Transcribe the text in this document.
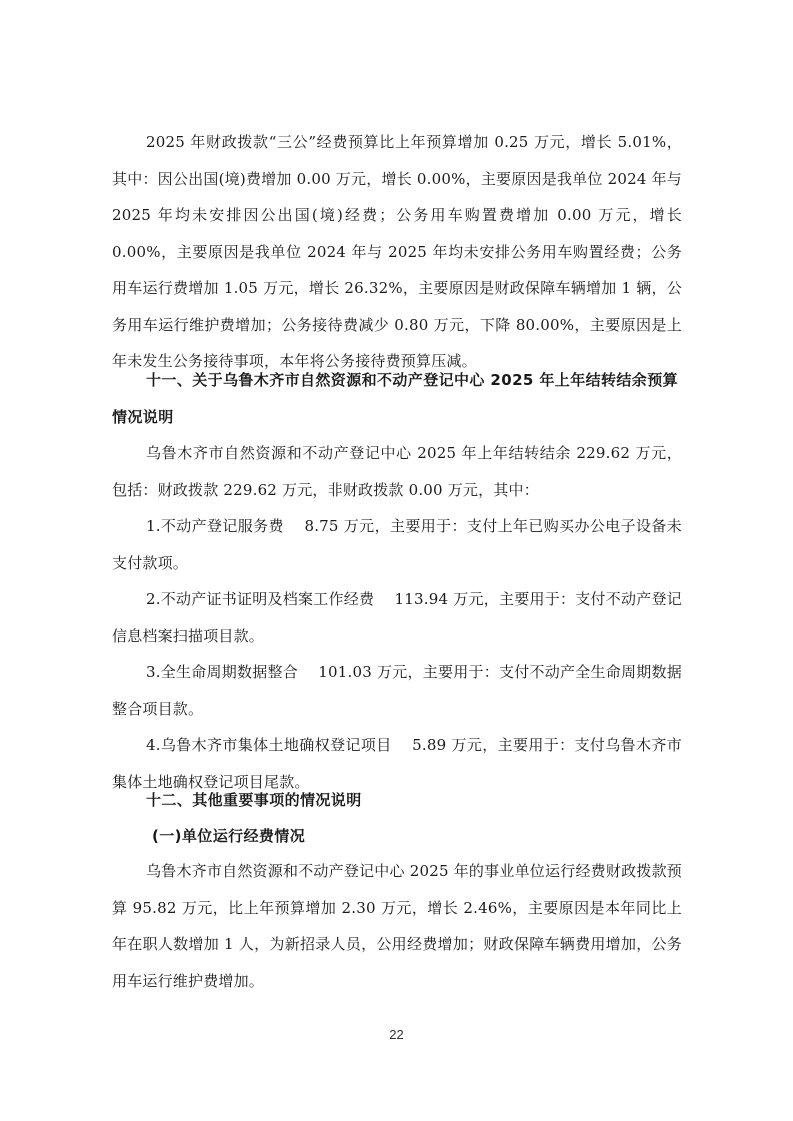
2025 年财政拨款“三公”经费预算比上年预算增加 0.25 万元，增长 5.01%，其中：因公出国(境)费增加 0.00 万元，增长 0.00%，主要原因是我单位 2024 年与 2025 年均未安排因公出国(境)经费；公务用车购置费增加 0.00 万元，增长 0.00%，主要原因是我单位 2024 年与 2025 年均未安排公务用车购置经费；公务用车运行费增加 1.05 万元，增长 26.32%，主要原因是财政保障车辆增加 1 辆，公务用车运行维护费增加；公务接待费减少 0.80 万元，下降 80.00%，主要原因是上年未发生公务接待事项，本年将公务接待费预算压减。

十一、关于乌鲁木齐市自然资源和不动产登记中心 2025 年上年结转结余预算情况说明

乌鲁木齐市自然资源和不动产登记中心 2025 年上年结转结余 229.62 万元，包括：财政拨款 229.62 万元，非财政拨款 0.00 万元，其中：

1.不动产登记服务费　 8.75 万元，主要用于：支付上年已购买办公电子设备未支付款项。

2.不动产证书证明及档案工作经费　 113.94 万元，主要用于：支付不动产登记信息档案扫描项目款。

3.全生命周期数据整合　 101.03 万元，主要用于：支付不动产全生命周期数据整合项目款。

4.乌鲁木齐市集体土地确权登记项目　 5.89 万元，主要用于：支付乌鲁木齐市集体土地确权登记项目尾款。

十二、其他重要事项的情况说明

(一)单位运行经费情况

乌鲁木齐市自然资源和不动产登记中心 2025 年的事业单位运行经费财政拨款预算 95.82 万元，比上年预算增加 2.30 万元，增长 2.46%，主要原因是本年同比上年在职人数增加 1 人，为新招录人员，公用经费增加；财政保障车辆费用增加，公务用车运行维护费增加。

22
